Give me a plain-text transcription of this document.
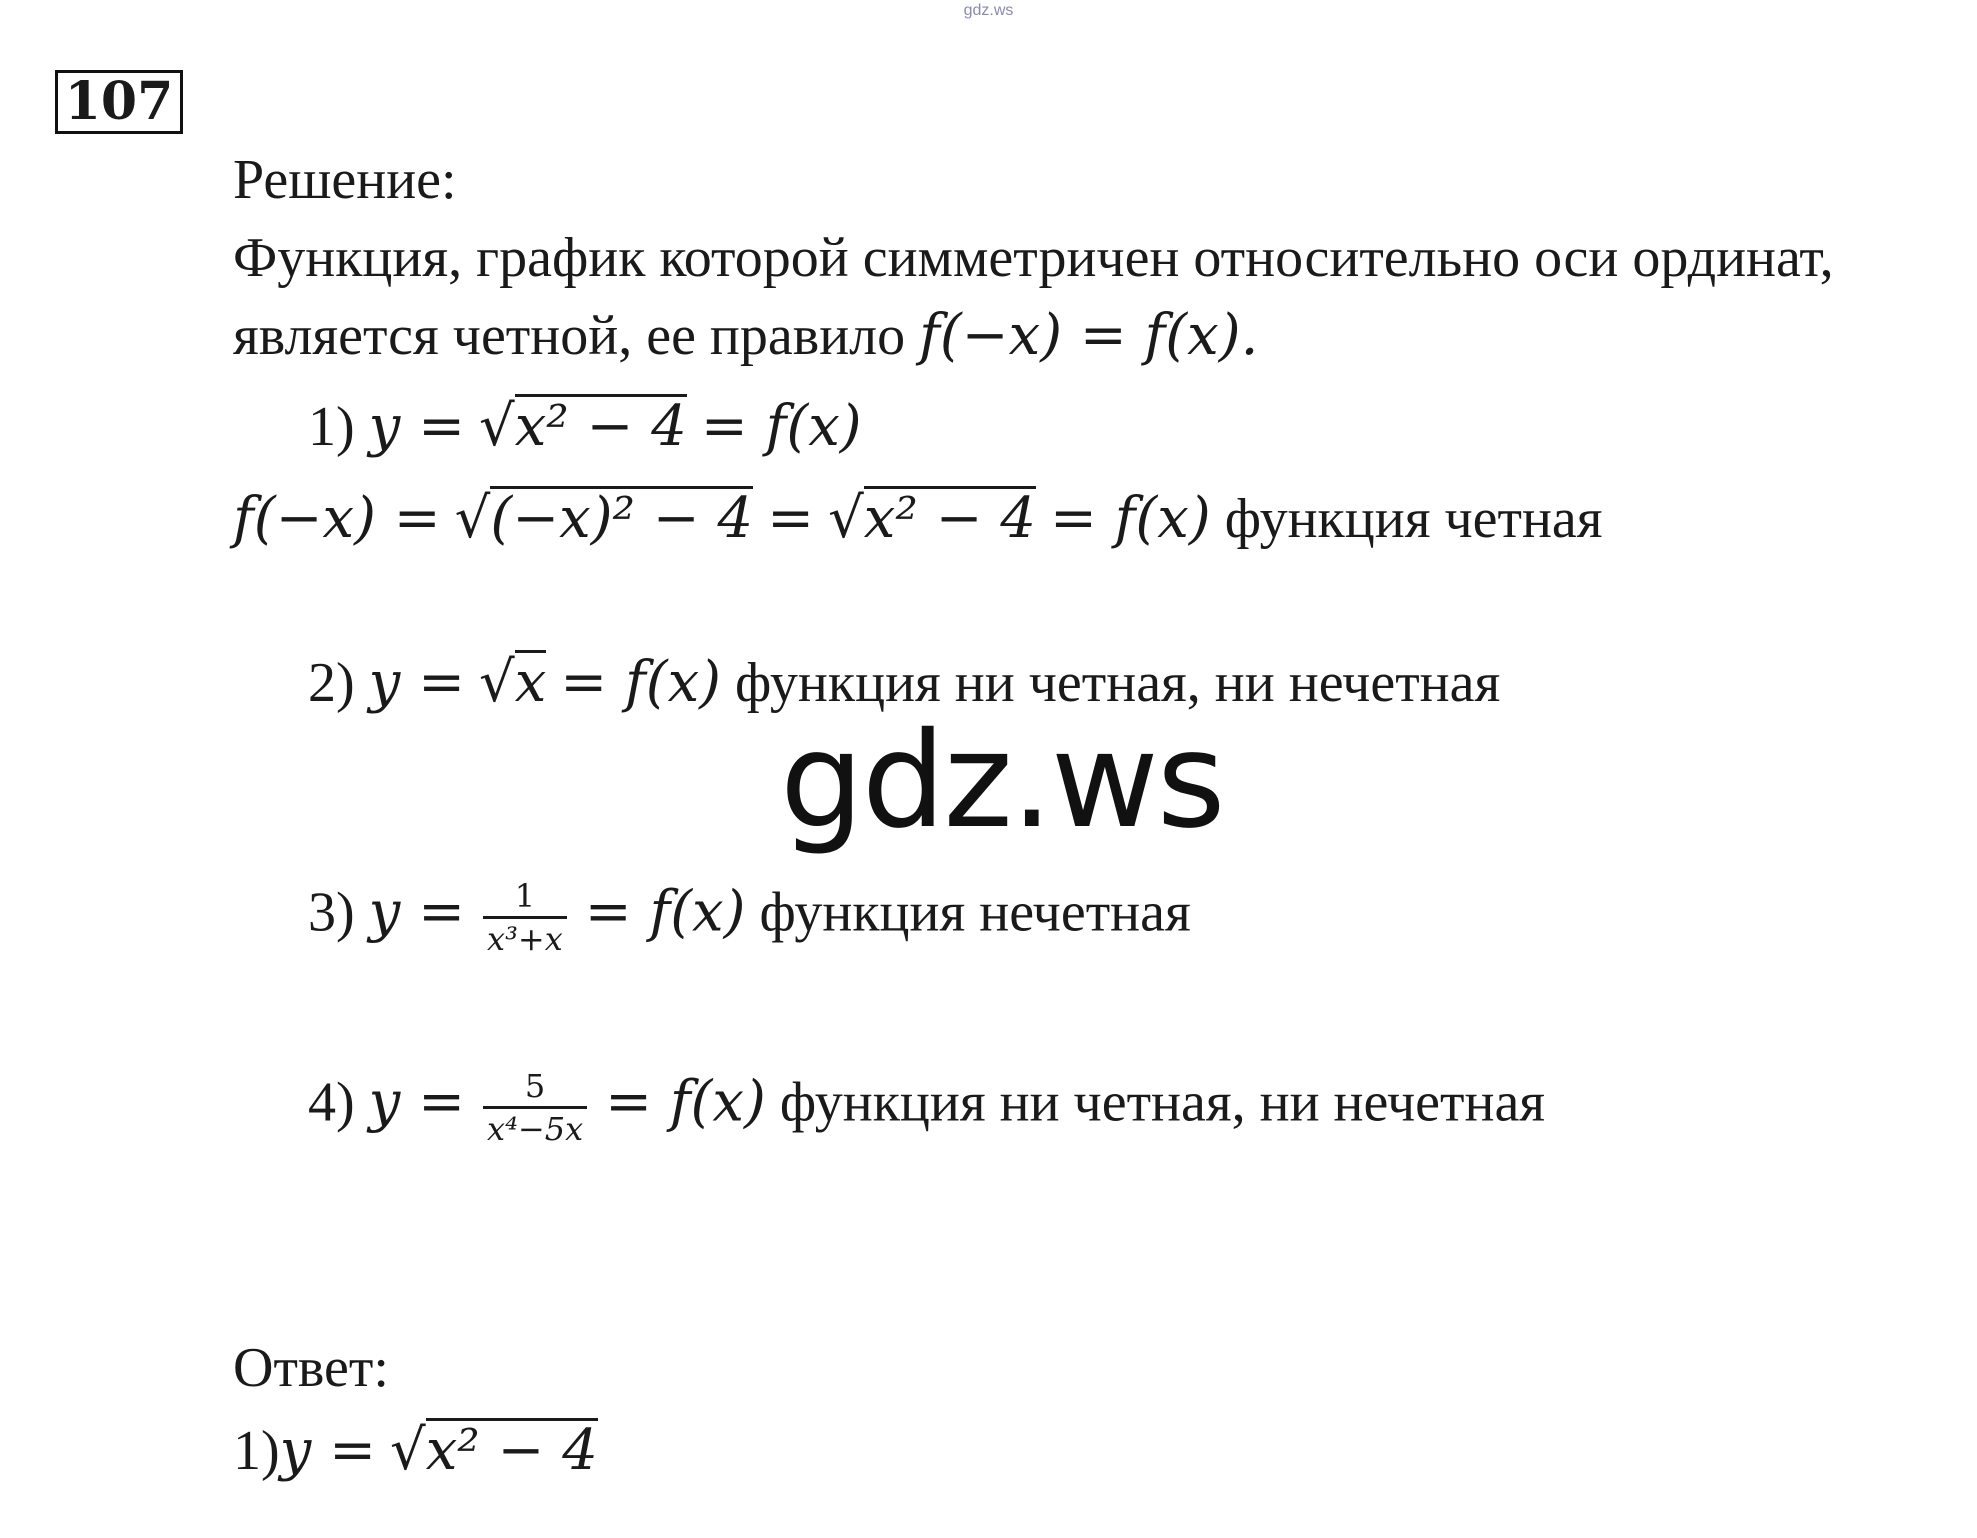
gdz.ws
107
Решение:
Функция, график которой симметричен относительно оси ординат,
является четной, ее правило f(−x) = f(x).
1) y = √x² − 4 = f(x)
f(−x) = √(−x)² − 4 = √x² − 4 = f(x) функция четная
2) y = √x = f(x) функция ни четная, ни нечетная
gdz.ws
3) $y = \frac{1}{\text{x³+x}} = f(x)$ функция нечетная
4) $y = \frac{5}{\text{x⁴−5x}} = f(x)$ функция ни четная, ни нечетная
Ответ:
1)y = √x² − 4
